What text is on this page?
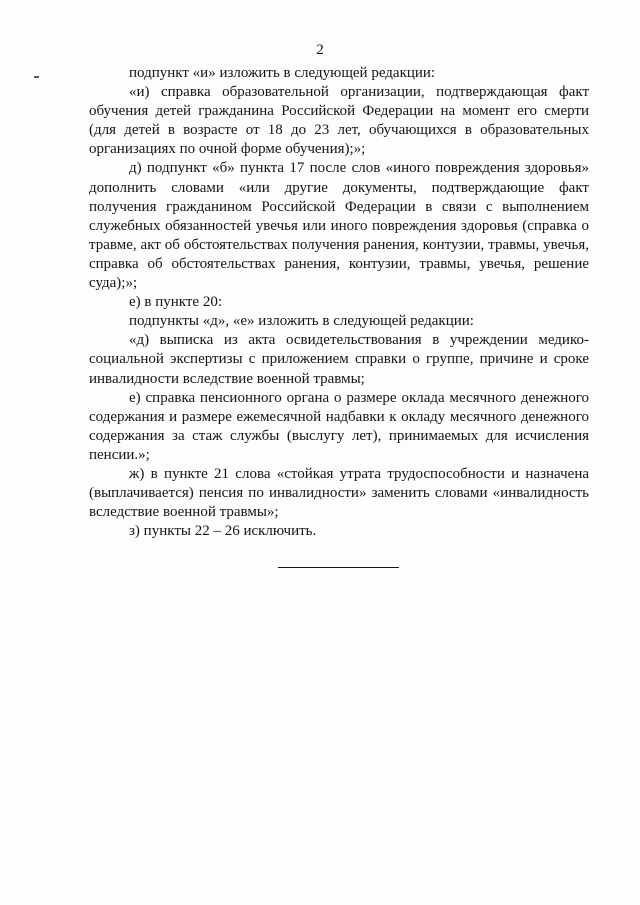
2

подпункт «и» изложить в следующей редакции:

«и) справка образовательной организации, подтверждающая факт обучения детей гражданина Российской Федерации на момент его смерти (для детей в возрасте от 18 до 23 лет, обучающихся в образовательных организациях по очной форме обучения);»;

д) подпункт «б» пункта 17 после слов «иного повреждения здоровья» дополнить словами «или другие документы, подтверждающие факт получения гражданином Российской Федерации в связи с выполнением служебных обязанностей увечья или иного повреждения здоровья (справка о травме, акт об обстоятельствах получения ранения, контузии, травмы, увечья, справка об обстоятельствах ранения, контузии, травмы, увечья, решение суда);»;

е) в пункте 20:

подпункты «д», «е» изложить в следующей редакции:

«д) выписка из акта освидетельствования в учреждении медико-социальной экспертизы с приложением справки о группе, причине и сроке инвалидности вследствие военной травмы;

е) справка пенсионного органа о размере оклада месячного денежного содержания и размере ежемесячной надбавки к окладу месячного денежного содержания за стаж службы (выслугу лет), принимаемых для исчисления пенсии.»;

ж) в пункте 21 слова «стойкая утрата трудоспособности и назначена (выплачивается) пенсия по инвалидности» заменить словами «инвалидность вследствие военной травмы»;

з) пункты 22 – 26 исключить.
